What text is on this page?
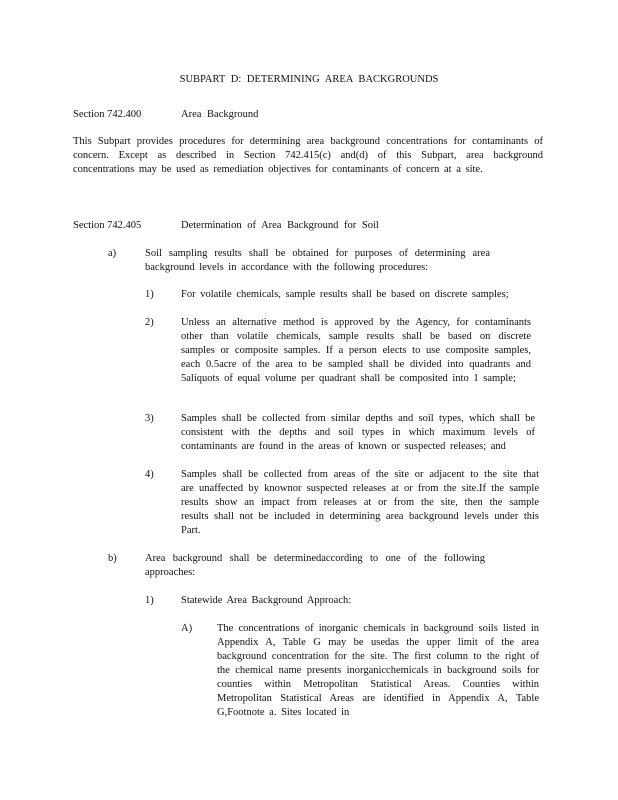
SUBPART D: DETERMINING AREA BACKGROUNDS
Section 742.400	Area Background
This Subpart provides procedures for determining area background concentrations for contaminants of concern. Except as described in Section 742.415(c) and(d) of this Subpart, area background concentrations may be used as remediation objectives for contaminants of concern at a site.
Section 742.405	Determination of Area Background for Soil
a)	Soil sampling results shall be obtained for purposes of determining area background levels in accordance with the following procedures:
1)	For volatile chemicals, sample results shall be based on discrete samples;
2)	Unless an alternative method is approved by the Agency, for contaminants other than volatile chemicals, sample results shall be based on discrete samples or composite samples. If a person elects to use composite samples, each 0.5acre of the area to be sampled shall be divided into quadrants and 5aliquots of equal volume per quadrant shall be composited into 1 sample;
3)	Samples shall be collected from similar depths and soil types, which shall be consistent with the depths and soil types in which maximum levels of contaminants are found in the areas of known or suspected releases; and
4)	Samples shall be collected from areas of the site or adjacent to the site that are unaffected by knownor suspected releases at or from the site.If the sample results show an impact from releases at or from the site, then the sample results shall not be included in determining area background levels under this Part.
b)	Area background shall be determinedaccording to one of the following approaches:
1)	Statewide Area Background Approach:
A) The concentrations of inorganic chemicals in background soils listed in Appendix A, Table G may be usedas the upper limit of the area background concentration for the site. The first column to the right of the chemical name presents inorganicchemicals in background soils for counties within Metropolitan Statistical Areas. Counties within Metropolitan Statistical Areas are identified in Appendix A, Table G,Footnote a. Sites located in
